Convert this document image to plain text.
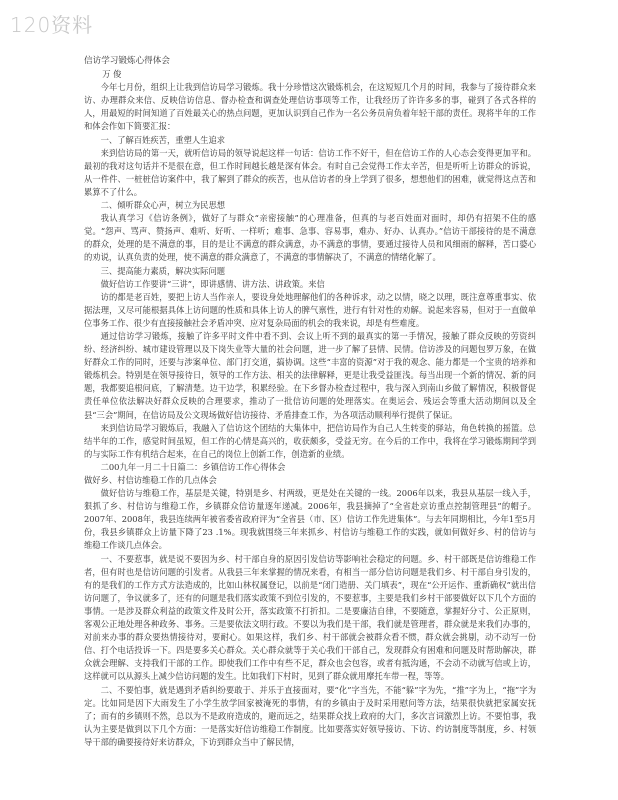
120资料

信访学习锻炼心得体会

万 俊

今年七月份，组织上让我到信访局学习锻炼。我十分珍惜这次锻炼机会，在这短短几个月的时间，我参与了接待群众来访、办理群众来信、反映信访信息、督办检查和调查处理信访事项等工作，让我经历了许许多多的事，碰到了各式各样的人，用最短的时间知道了百姓最关心的热点问题，更加认识到自己作为一名公务员肩负着年轻干部的责任。现将半年的工作和体会作如下简要汇报：

一、了解百姓疾苦，重塑人生追求

来到信访局的第一天，就听信访局的领导说起这样一句话：信访工作不好干，但在信访工作的人心态会变得更加平和。最初的我对这句话并不是很在意，但工作时间越长越是深有体会。有时自己会觉得工作太辛苦，但是听听上访群众的诉说，从一件件、一桩桩信访案件中，我了解到了群众的疾苦，也从信访者的身上学到了很多，想想他们的困难，就觉得这点苦和累算不了什么。

二、倾听群众心声，树立为民思想

我认真学习《信访条例》，做好了与群众“亲密接触”的心理准备，但真的与老百姓面对面时，却仍有招架不住的感觉。“怨声、骂声、赞扬声、难听、好听、一样听；难事、急事、容易事，难办、好办、认真办。”信访干部接待的是不满意的群众，处理的是不满意的事，目的是让不满意的群众满意，办不满意的事情，要通过接待人员和风细雨的解释，苦口婆心的劝说，认真负责的处理，使不满意的群众满意了，不满意的事情解决了，不满意的情绪化解了。

三、提高能力素质，解决实际问题

做好信访工作要讲“三讲”，即讲感情、讲方法、讲政策。来信

访的都是老百姓，要把上访人当作亲人，要设身处地理解他们的各种诉求，动之以情，晓之以理，既注意尊重事实、依据法理，又尽可能根据具体上访问题的性质和具体上访人的脾气禀性，进行有针对性的劝解。说起来容易，但对于一直做单位事务工作、很少有直接接触社会矛盾冲突、应对复杂局面的机会的我来说，却是有些难度。

通过信访学习锻炼，接触了许多平时文件中看不到、会议上听不到的最真实的第一手情况，接触了群众反映的劳资纠纷、经济纠纷、城市建设管理以及下岗失业等大量的社会问题，进一步了解了县情、民情。信访涉及的问题包罗万象，在做好群众工作的同时，还要与涉案单位、部门打交道，搞协调。这些“丰富的资源”对于我的观念、能力都是一个宝贵的培养和锻炼机会。特别是在领导接待日，领导的工作方法、相关的法律解释，更是让我受益匪浅。每当出现一个新的情况、新的问题，我都要追根问底，了解清楚。边干边学，积累经验。在下乡督办检查过程中，我与深入到南山乡做了解情况，积极督促责任单位依法解决好群众反映的合理要求，推动了一批信访问题的处理落实。在奥运会、残运会等重大活动期间以及全县“三会”期间，在信访局及公文现场做好信访接待、矛盾排查工作，为各项活动顺利举行提供了保证。

来到信访局学习锻炼后，我融入了信访这个团结的大集体中，把信访局作为自己人生转变的驿站，角色转换的摇篮。总结半年的工作，感觉时间虽短，但工作的心情是高兴的，收获颇多，受益无穷。在今后的工作中，我将在学习锻炼期间学到的与实际工作有机结合起来，在自己的岗位上创新工作，创造新的业绩。

二00九年一月二十日篇二：乡镇信访工作心得体会

做好乡、村信访维稳工作的几点体会

做好信访与维稳工作，基层是关键，特别是乡、村两级，更是处在关键的一线。2006年以来，我县从基层一线入手，狠抓了乡、村信访与维稳工作，乡镇群众信访量逐年递减。2006年，我县摘掉了“全省赴京访重点控制管理县”的帽子。2007年、2008年，我县连续两年被省委省政府评为“全省县（市、区）信访工作先进集体”。与去年同期相比，今年1至5月份，我县乡镇群众上访量下降了23 .1%。现我就围绕三年来抓乡、村信访与维稳工作的实践，就如何做好乡、村的信访与维稳工作谈几点体会。

一、不要惹事，就是说不要因为乡、村干部自身的原因引发信访等影响社会稳定的问题。乡、村干部既是信访维稳工作者，但有时也是信访问题的引发者。从我县三年来掌握的情况来看，有相当一部分信访问题是我们乡、村干部自身引发的，有的是我们的工作方式方法造成的，比如山林权属登记，以前是“闭门造册、关门填表”，现在“公开运作、重新确权”就出信访问题了，争议就多了，还有的问题是我们落实政策不到位引发的，不要惹事，主要是我们乡村干部要做好以下几个方面的事情。一是涉及群众利益的政策文件及时公开，落实政策不打折扣。二是要廉洁自律，不要随意，掌握好分寸、公正原则，客观公正地处理各种政务、事务。三是要依法文明行政。不要以为我们是干部，我们就是管理者，群众就是来我们办事的，对前来办事的群众要热情接待对，要耐心。如果这样，我们乡、村干部就会被群众看不惯，群众就会挑剔，动不动写一份信、打个电话投诉一下。四是要多关心群众。关心群众就等于关心我们干部自己，发现群众有困难和问题及时帮助解决，群众就会理解、支持我们干部的工作。即使我们工作中有些不足，群众也会包容，或者有抵沟通，不会动不动就写信或上访，这样就可以从源头上减少信访问题的发生。比如我们下村时，见到了群众就用摩托车带一程，等等。

二、不要怕事，就是遇到矛盾纠纷要敢于、并乐于直接面对，要“化”字当先，不能“躲”字为先，“推”字为上，“拖”字为定。比如同是因下大雨发生了小学生放学回家被淹死的事情，有的乡镇由于及时采用慰问等方法，结果很快就把家属安抚了；而有的乡镇则不然，总以为不是政府造成的，避而远之，结果群众找上政府的大门，多次言词激烈上访。不要怕事，我认为主要是做到以下几个方面：一是落实好信访维稳工作制度。比如要落实好领导接访、下访、约访制度等制度，乡、村领导干部的确要接待好来访群众，下访到群众当中了解民情，
